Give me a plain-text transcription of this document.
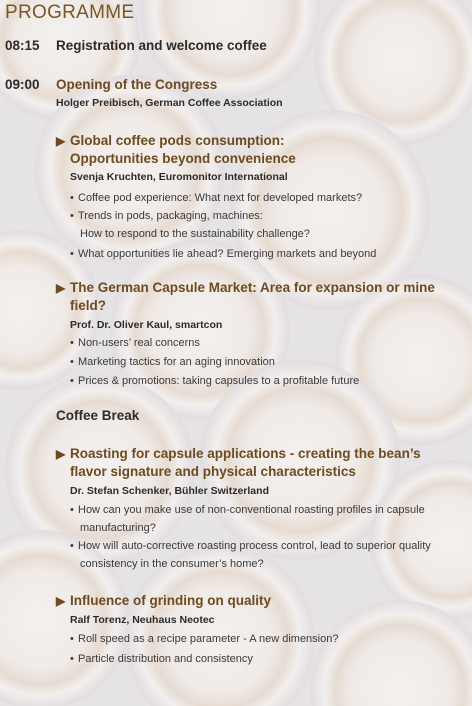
PROGRAMME
08:15 Registration and welcome coffee
09:00 Opening of the Congress
Holger Preibisch, German Coffee Association
▶ Global coffee pods consumption:
Opportunities beyond convenience
Svenja Kruchten, Euromonitor International
• Coffee pod experience: What next for developed markets?
• Trends in pods, packaging, machines:
How to respond to the sustainability challenge?
• What opportunities lie ahead? Emerging markets and beyond
▶ The German Capsule Market: Area for expansion or mine
field?
Prof. Dr. Oliver Kaul, smartcon
• Non-users’ real concerns
• Marketing tactics for an aging innovation
• Prices & promotions: taking capsules to a profitable future
Coffee Break
▶ Roasting for capsule applications - creating the bean’s
flavor signature and physical characteristics
Dr. Stefan Schenker, Bühler Switzerland
• How can you make use of non-conventional roasting profiles in capsule
manufacturing?
• How will auto-corrective roasting process control, lead to superior quality
consistency in the consumer’s home?
▶ Influence of grinding on quality
Ralf Torenz, Neuhaus Neotec
• Roll speed as a recipe parameter - A new dimension?
• Particle distribution and consistency
